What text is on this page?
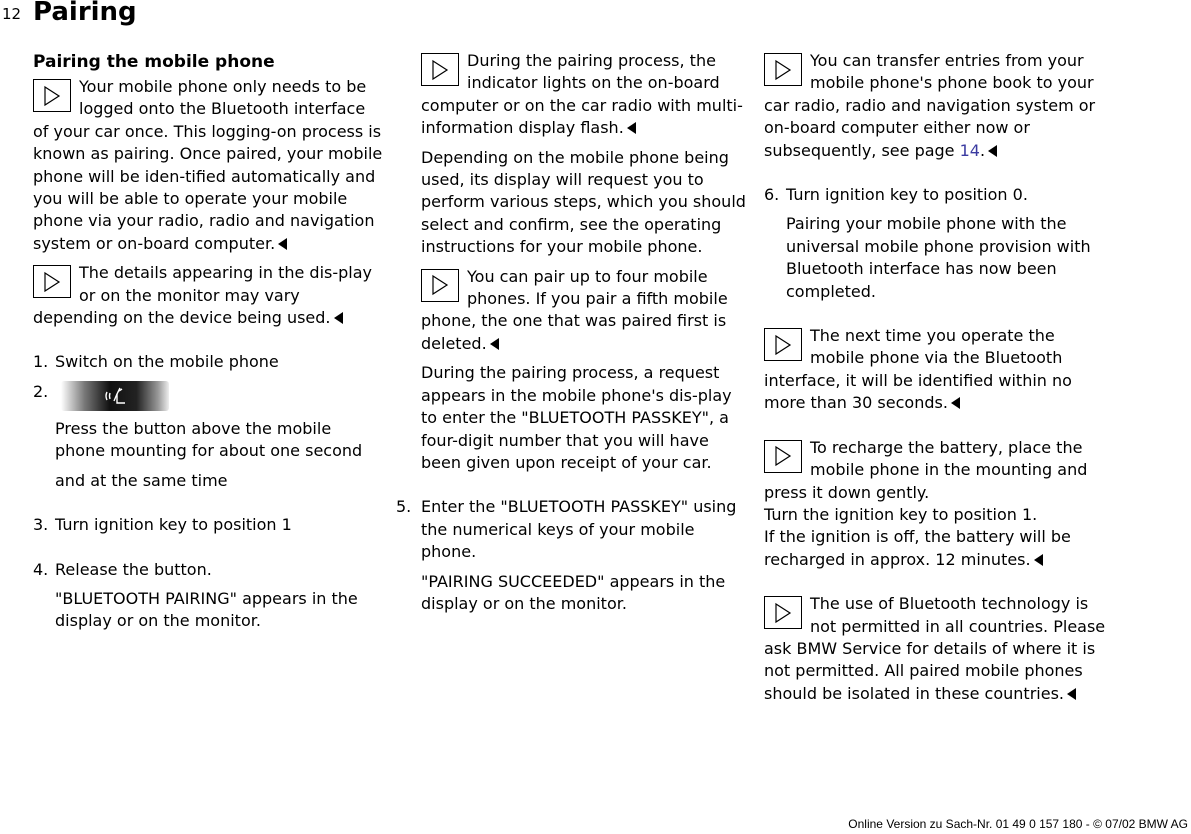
12 Pairing
Pairing the mobile phone

Your mobile phone only needs to be logged onto the Bluetooth interface of your car once. This logging-on process is known as pairing. Once paired, your mobile phone will be iden-tified automatically and you will be able to operate your mobile phone via your radio, radio and navigation system or on-board computer.

The details appearing in the dis-play or on the monitor may vary depending on the device being used.

1. Switch on the mobile phone
2.

Press the button above the mobile phone mounting for about one second

and at the same time

3. Turn ignition key to position 1
4. Release the button.

"BLUETOOTH PAIRING" appears in the display or on the monitor.

During the pairing process, the indicator lights on the on-board computer or on the car radio with multi-information display flash.

Depending on the mobile phone being used, its display will request you to perform various steps, which you should select and confirm, see the operating instructions for your mobile phone.

You can pair up to four mobile phones. If you pair a fifth mobile phone, the one that was paired first is deleted.

During the pairing process, a request appears in the mobile phone's dis-play to enter the "BLUETOOTH PASSKEY", a four-digit number that you will have been given upon receipt of your car.

5. Enter the "BLUETOOTH PASSKEY" using the numerical keys of your mobile phone.

"PAIRING SUCCEEDED" appears in the display or on the monitor.

You can transfer entries from your mobile phone's phone book to your car radio, radio and navigation system or on-board computer either now or subsequently, see page 14.

6. Turn ignition key to position 0.

Pairing your mobile phone with the universal mobile phone provision with Bluetooth interface has now been completed.

The next time you operate the mobile phone via the Bluetooth interface, it will be identified within no more than 30 seconds.

To recharge the battery, place the mobile phone in the mounting and press it down gently.
Turn the ignition key to position 1.
If the ignition is off, the battery will be recharged in approx. 12 minutes.

The use of Bluetooth technology is not permitted in all countries. Please ask BMW Service for details of where it is not permitted. All paired mobile phones should be isolated in these countries.

Online Version zu Sach-Nr. 01 49 0 157 180 - © 07/02 BMW AG
